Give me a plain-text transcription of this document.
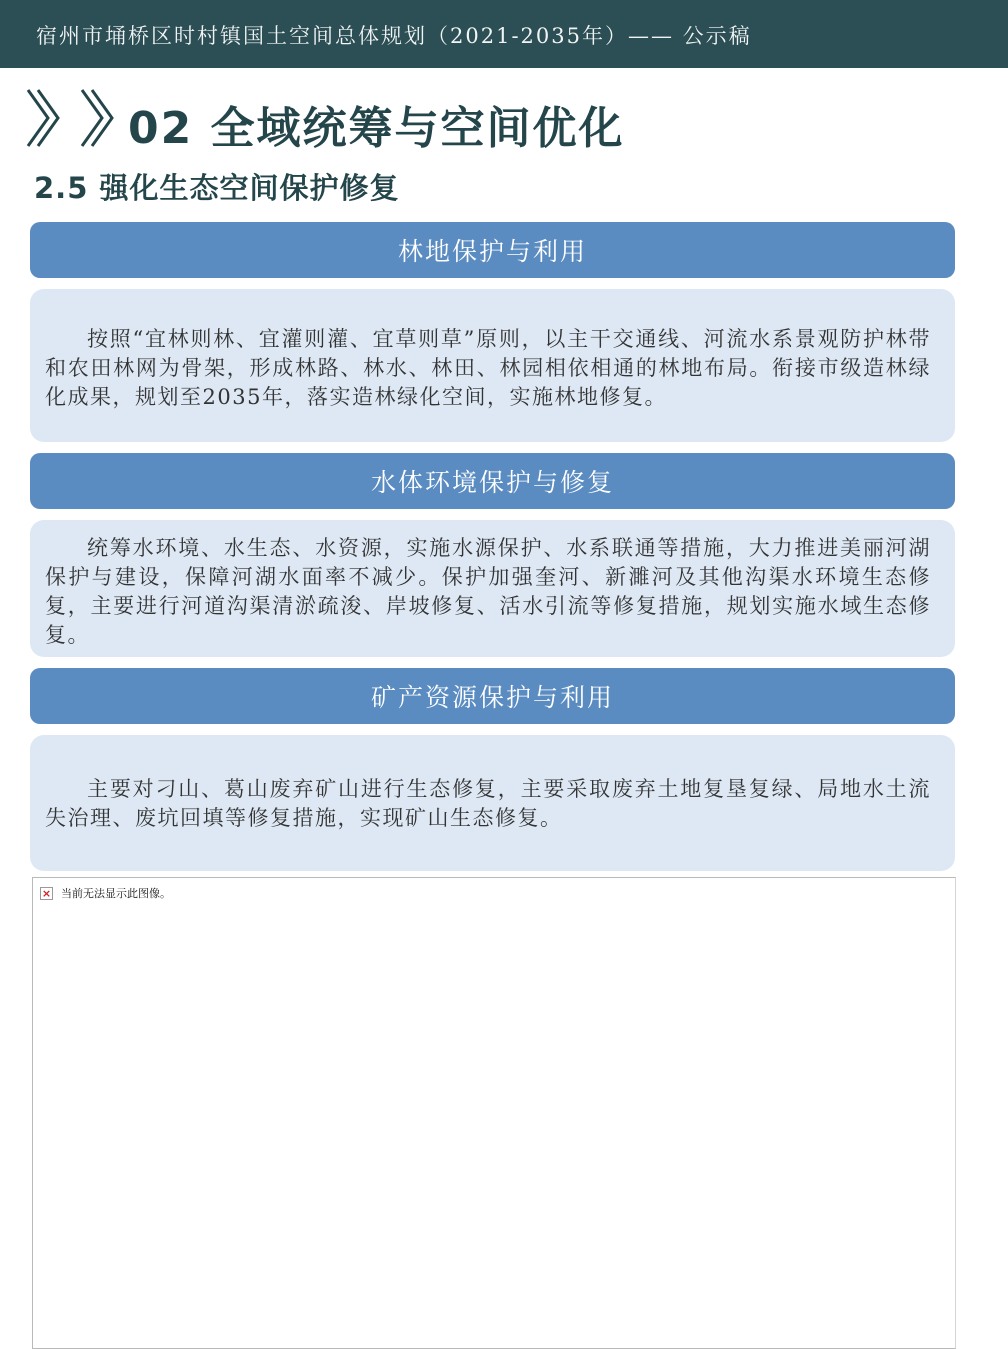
宿州市埇桥区时村镇国土空间总体规划（2021-2035年）—— 公示稿
02 全域统筹与空间优化
2.5 强化生态空间保护修复
林地保护与利用

按照“宜林则林、宜灌则灌、宜草则草”原则，以主干交通线、河流水系景观防护林带和农田林网为骨架，形成林路、林水、林田、林园相依相通的林地布局。衔接市级造林绿化成果，规划至2035年，落实造林绿化空间，实施林地修复。

水体环境保护与修复

统筹水环境、水生态、水资源，实施水源保护、水系联通等措施，大力推进美丽河湖保护与建设，保障河湖水面率不减少。保护加强奎河、新濉河及其他沟渠水环境生态修复，主要进行河道沟渠清淤疏浚、岸坡修复、活水引流等修复措施，规划实施水域生态修复。

矿产资源保护与利用

主要对刁山、葛山废弃矿山进行生态修复，主要采取废弃土地复垦复绿、局地水土流失治理、废坑回填等修复措施，实现矿山生态修复。

× 当前无法显示此图像。
